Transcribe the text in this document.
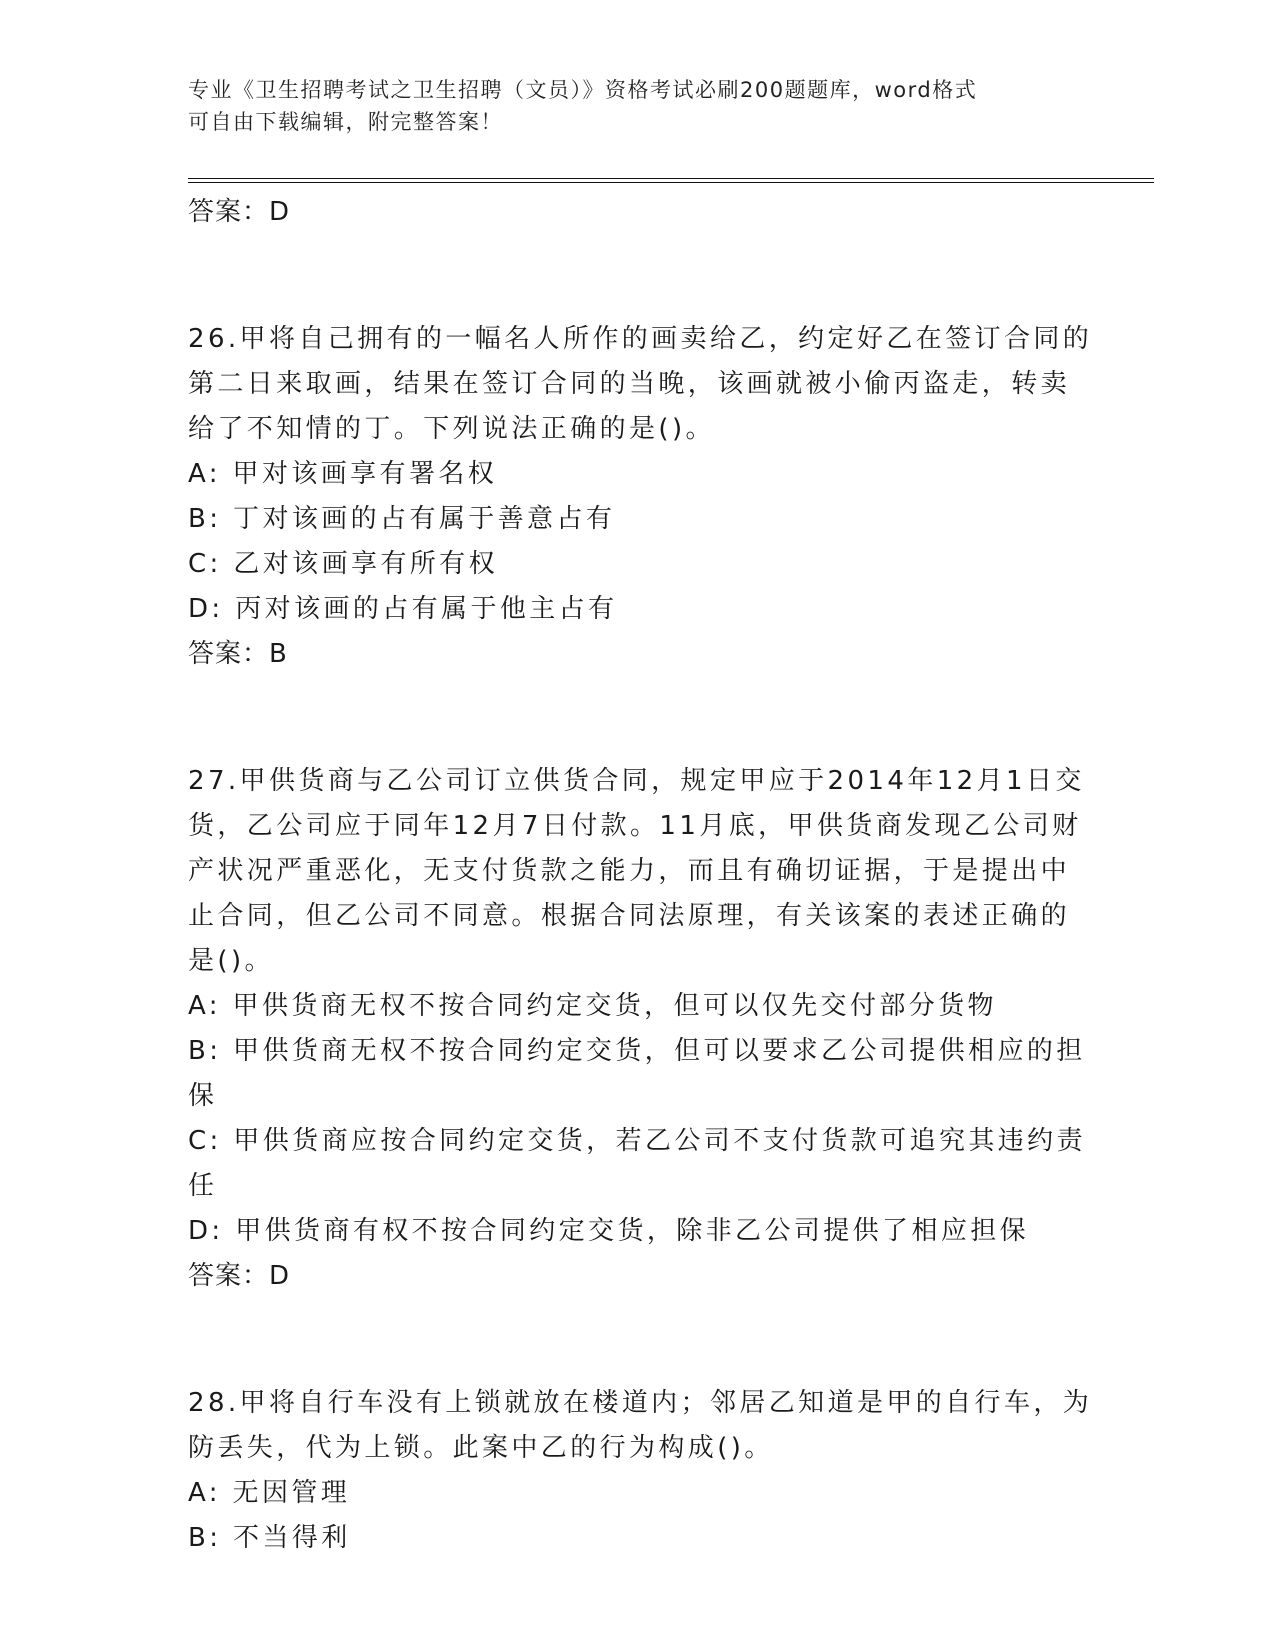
专业《卫生招聘考试之卫生招聘（文员）》资格考试必刷200题题库，word格式
可自由下载编辑，附完整答案！
答案：D
26.甲将自己拥有的一幅名人所作的画卖给乙，约定好乙在签订合同的
第二日来取画，结果在签订合同的当晚，该画就被小偷丙盗走，转卖
给了不知情的丁。下列说法正确的是()。
A: 甲对该画享有署名权
B: 丁对该画的占有属于善意占有
C: 乙对该画享有所有权
D: 丙对该画的占有属于他主占有
答案：B
27.甲供货商与乙公司订立供货合同，规定甲应于2014年12月1日交
货，乙公司应于同年12月7日付款。11月底，甲供货商发现乙公司财
产状况严重恶化，无支付货款之能力，而且有确切证据，于是提出中
止合同，但乙公司不同意。根据合同法原理，有关该案的表述正确的
是()。
A: 甲供货商无权不按合同约定交货，但可以仅先交付部分货物
B: 甲供货商无权不按合同约定交货，但可以要求乙公司提供相应的担
保
C: 甲供货商应按合同约定交货，若乙公司不支付货款可追究其违约责
任
D: 甲供货商有权不按合同约定交货，除非乙公司提供了相应担保
答案：D
28.甲将自行车没有上锁就放在楼道内；邻居乙知道是甲的自行车，为
防丢失，代为上锁。此案中乙的行为构成()。
A: 无因管理
B: 不当得利
